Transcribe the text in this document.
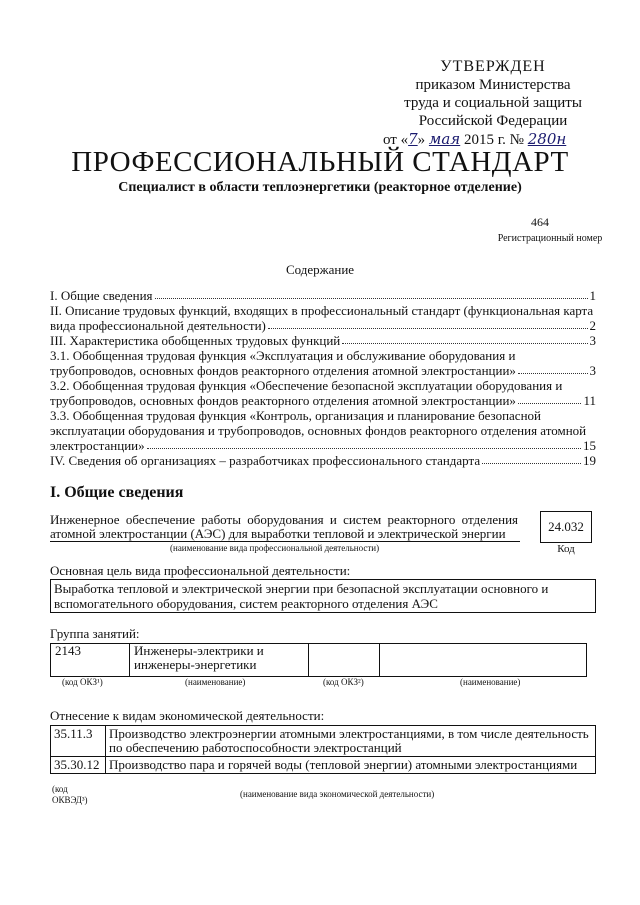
УТВЕРЖДЕН
приказом Министерства
труда и социальной защиты
Российской Федерации
от «7» мая 2015 г. № 280н
ПРОФЕССИОНАЛЬНЫЙ СТАНДАРТ
Специалист в области теплоэнергетики (реакторное отделение)
464
Регистрационный номер
Содержание
I. Общие сведения	1
II. Описание трудовых функций, входящих в профессиональный стандарт (функциональная карта
вида профессиональной деятельности)	2
III. Характеристика обобщенных трудовых функций	3
3.1. Обобщенная трудовая функция «Эксплуатация и обслуживание оборудования и
трубопроводов, основных фондов реакторного отделения атомной электростанции»	3
3.2. Обобщенная трудовая функция «Обеспечение безопасной эксплуатации оборудования и
трубопроводов, основных фондов реакторного отделения атомной электростанции»	11
3.3. Обобщенная трудовая функция «Контроль, организация и планирование безопасной
эксплуатации оборудования и трубопроводов, основных фондов реакторного отделения атомной
электростанции»	15
IV. Сведения об организациях – разработчиках профессионального стандарта	19
I. Общие сведения
Инженерное обеспечение работы оборудования и систем реакторного отделения атомной электростанции (АЭС) для выработки тепловой и электрической энергии
(наименование вида профессиональной деятельности)
24.032
Код
Основная цель вида профессиональной деятельности:
Выработка тепловой и электрической энергии при безопасной эксплуатации основного и вспомогательного оборудования, систем реакторного отделения АЭС
Группа занятий:
2143	Инженеры-электрики и инженеры-энергетики		
(код ОКЗ¹)	(наименование)	(код ОКЗ²)	(наименование)
Отнесение к видам экономической деятельности:
35.11.3	Производство электроэнергии атомными электростанциями, в том числе деятельность по обеспечению работоспособности электростанций
35.30.12	Производство пара и горячей воды (тепловой энергии) атомными электростанциями
(код ОКВЭД³)
(наименование вида экономической деятельности)
